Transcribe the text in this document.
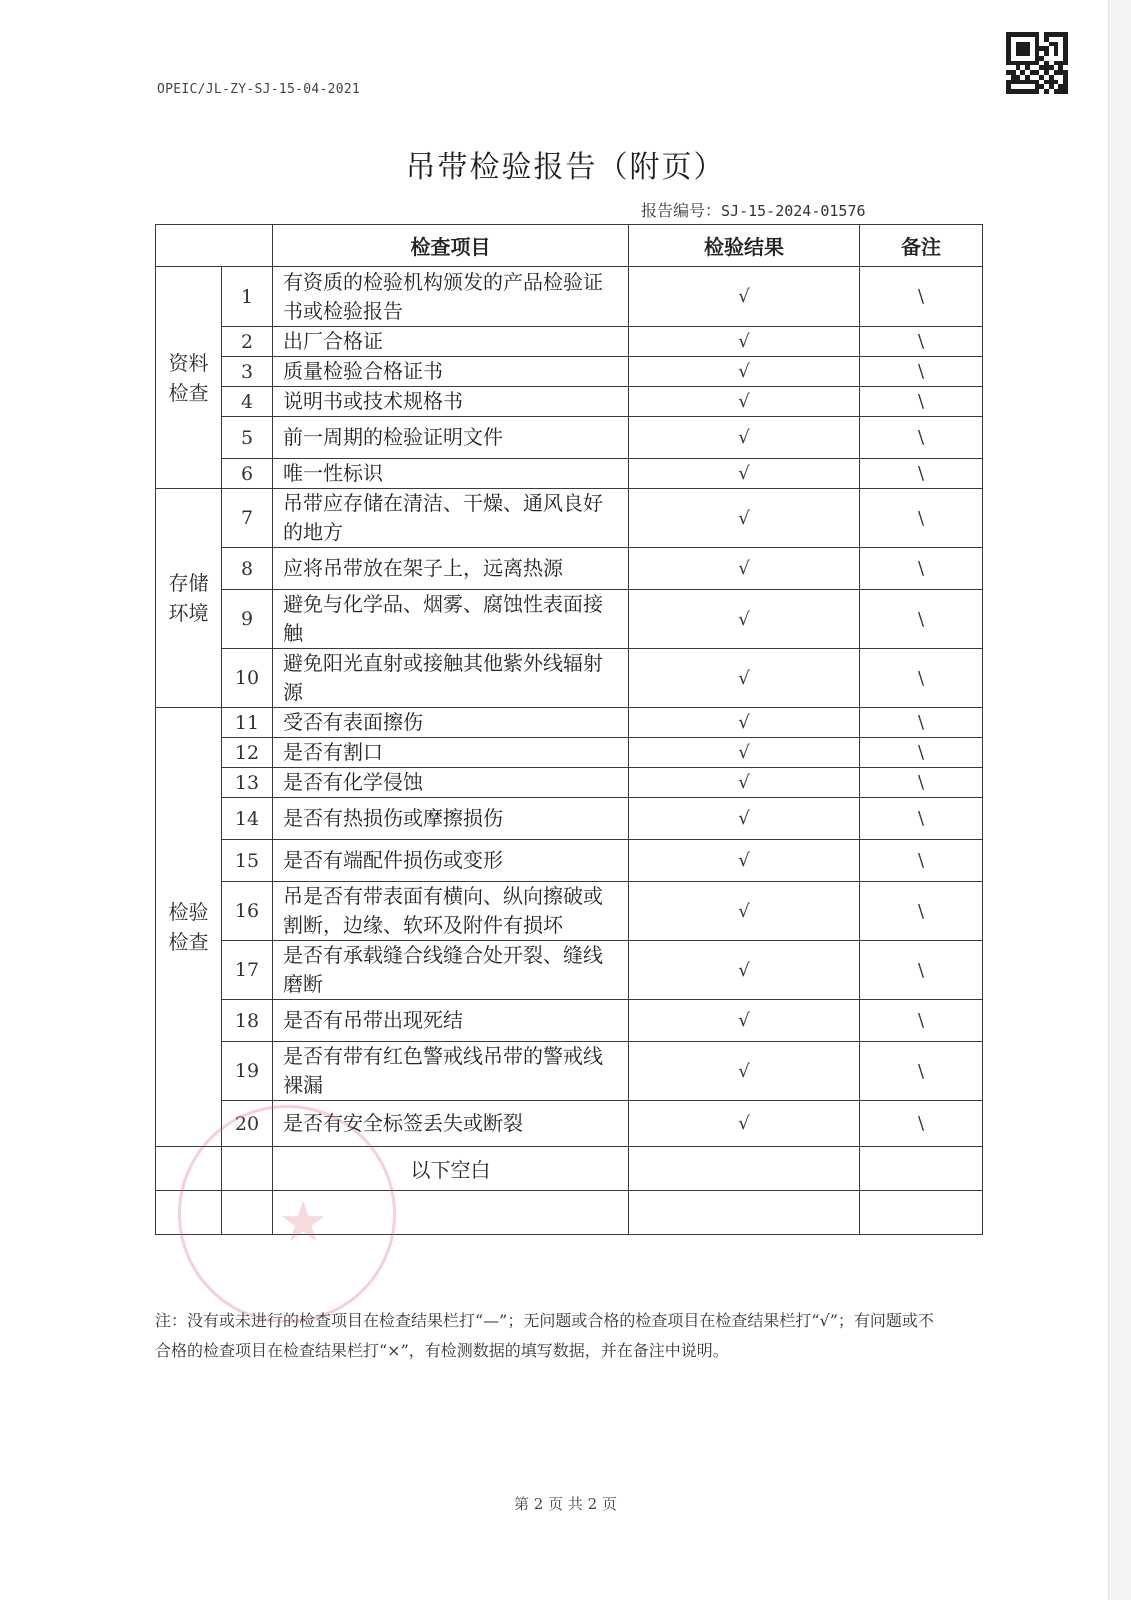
OPEIC/JL-ZY-SJ-15-04-2021
吊带检验报告（附页）
报告编号：SJ-15-2024-01576
		检查项目	检验结果	备注
资料
检查	1	有资质的检验机构颁发的产品检验证书或检验报告	√	\
	2	出厂合格证	√	\
	3	质量检验合格证书	√	\
	4	说明书或技术规格书	√	\
	5	前一周期的检验证明文件	√	\
	6	唯一性标识	√	\
存储
环境	7	吊带应存储在清洁、干燥、通风良好的地方	√	\
	8	应将吊带放在架子上，远离热源	√	\
	9	避免与化学品、烟雾、腐蚀性表面接触	√	\
	10	避免阳光直射或接触其他紫外线辐射源	√	\
检验
检查	11	受否有表面擦伤	√	\
	12	是否有割口	√	\
	13	是否有化学侵蚀	√	\
	14	是否有热损伤或摩擦损伤	√	\
	15	是否有端配件损伤或变形	√	\
	16	吊是否有带表面有横向、纵向擦破或割断，边缘、软环及附件有损坏	√	\
	17	是否有承载缝合线缝合处开裂、缝线磨断	√	\
	18	是否有吊带出现死结	√	\
	19	是否有带有红色警戒线吊带的警戒线裸漏	√	\
	20	是否有安全标签丢失或断裂	√	\
		以下空白		

★
注：没有或未进行的检查项目在检查结果栏打“—”；无问题或合格的检查项目在检查结果栏打“√”；有问题或不合格的检查项目在检查结果栏打“×”，有检测数据的填写数据，并在备注中说明。
第 2 页 共 2 页
